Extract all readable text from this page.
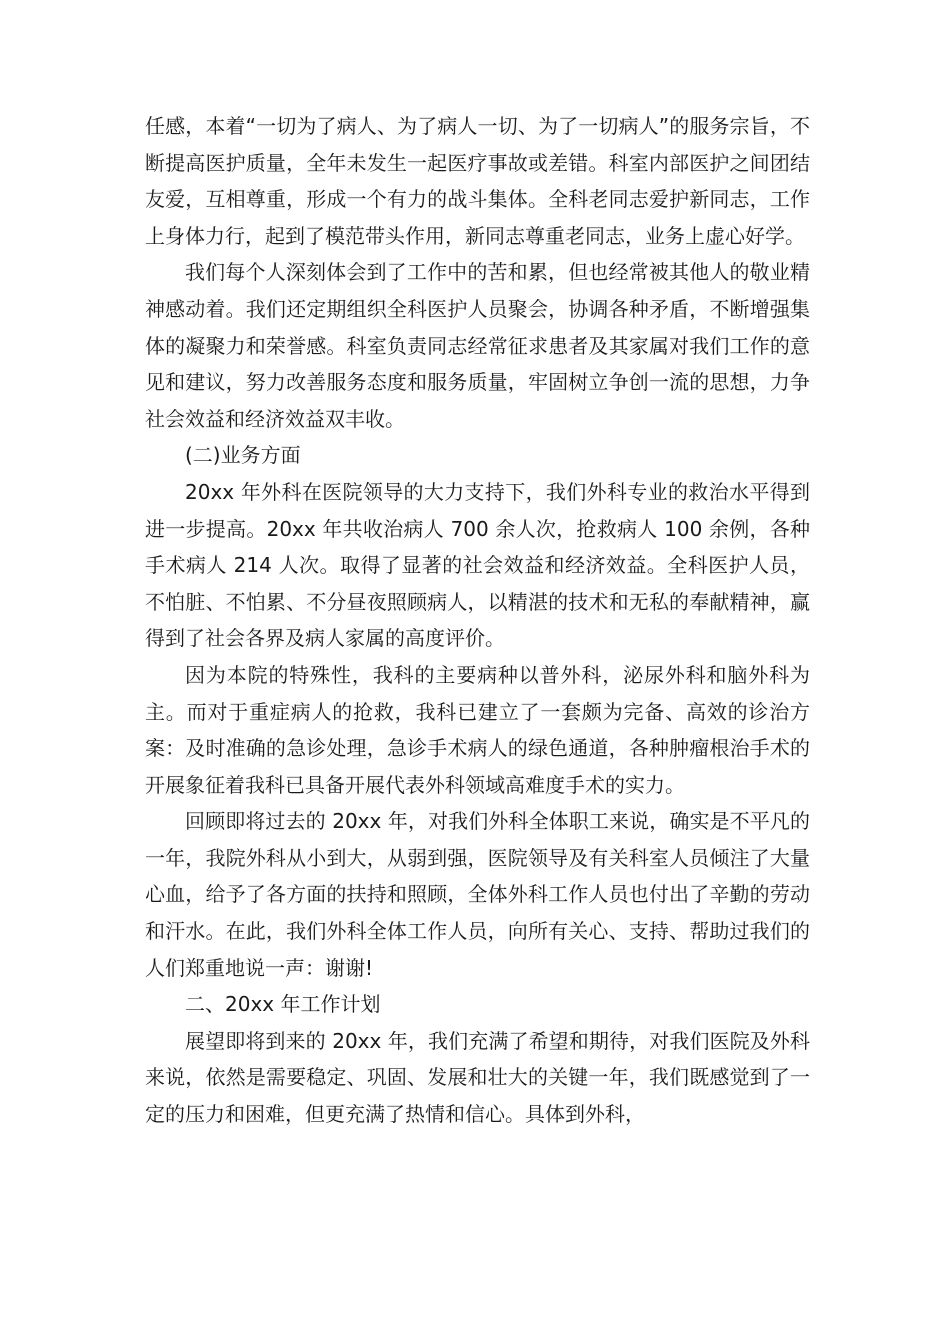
任感，本着“一切为了病人、为了病人一切、为了一切病人”的服务宗旨，不断提高医护质量，全年未发生一起医疗事故或差错。科室内部医护之间团结友爱，互相尊重，形成一个有力的战斗集体。全科老同志爱护新同志，工作上身体力行，起到了模范带头作用，新同志尊重老同志，业务上虚心好学。

我们每个人深刻体会到了工作中的苦和累，但也经常被其他人的敬业精神感动着。我们还定期组织全科医护人员聚会，协调各种矛盾，不断增强集体的凝聚力和荣誉感。科室负责同志经常征求患者及其家属对我们工作的意见和建议，努力改善服务态度和服务质量，牢固树立争创一流的思想，力争社会效益和经济效益双丰收。

(二)业务方面

20xx 年外科在医院领导的大力支持下，我们外科专业的救治水平得到进一步提高。20xx 年共收治病人 700 余人次，抢救病人 100 余例，各种手术病人 214 人次。取得了显著的社会效益和经济效益。全科医护人员，不怕脏、不怕累、不分昼夜照顾病人，以精湛的技术和无私的奉献精神，赢得到了社会各界及病人家属的高度评价。

因为本院的特殊性，我科的主要病种以普外科，泌尿外科和脑外科为主。而对于重症病人的抢救，我科已建立了一套颇为完备、高效的诊治方案：及时准确的急诊处理，急诊手术病人的绿色通道，各种肿瘤根治手术的开展象征着我科已具备开展代表外科领域高难度手术的实力。

回顾即将过去的 20xx 年，对我们外科全体职工来说，确实是不平凡的一年，我院外科从小到大，从弱到强，医院领导及有关科室人员倾注了大量心血，给予了各方面的扶持和照顾，全体外科工作人员也付出了辛勤的劳动和汗水。在此，我们外科全体工作人员，向所有关心、支持、帮助过我们的人们郑重地说一声：谢谢!

二、20xx 年工作计划

展望即将到来的 20xx 年，我们充满了希望和期待，对我们医院及外科来说，依然是需要稳定、巩固、发展和壮大的关键一年，我们既感觉到了一定的压力和困难，但更充满了热情和信心。具体到外科，
